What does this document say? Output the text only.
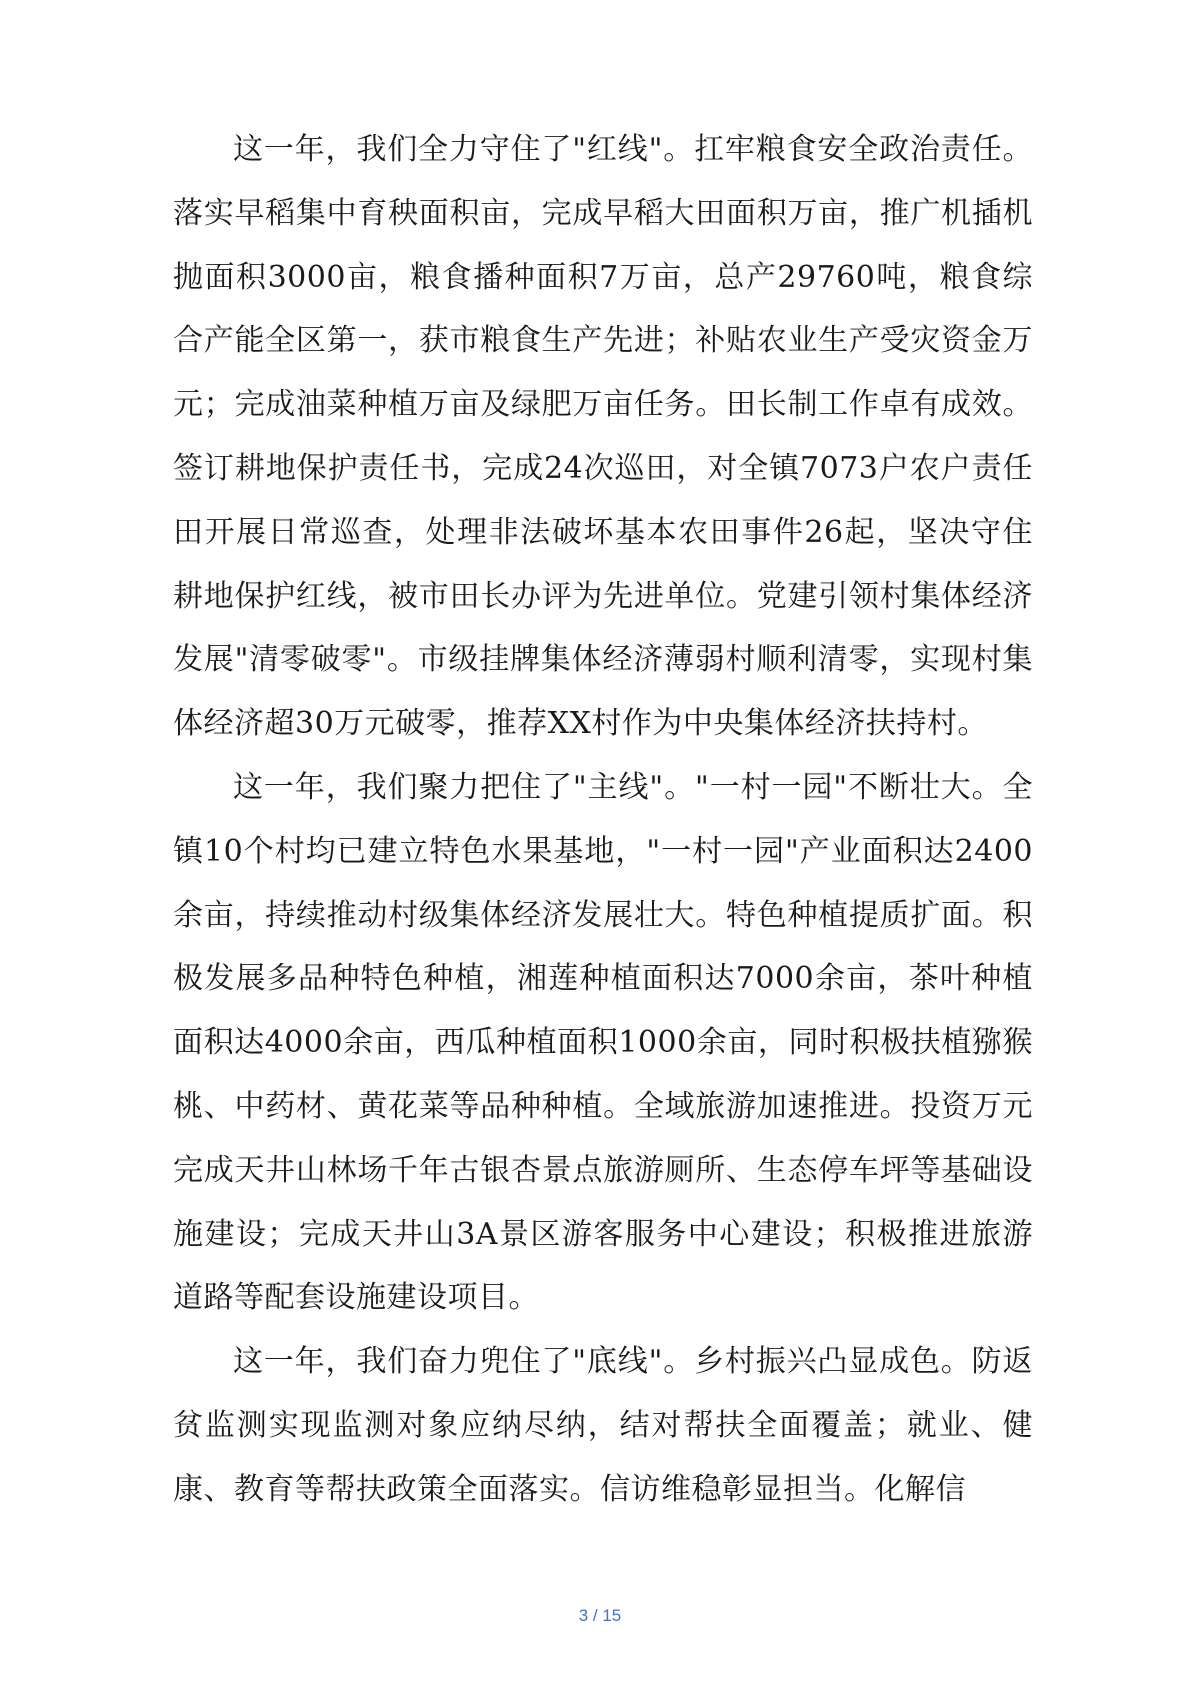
这一年，我们全力守住了"红线"。扛牢粮食安全政治责任。落实早稻集中育秧面积亩，完成早稻大田面积万亩，推广机插机抛面积3000亩，粮食播种面积7万亩，总产29760吨，粮食综合产能全区第一，获市粮食生产先进；补贴农业生产受灾资金万元；完成油菜种植万亩及绿肥万亩任务。田长制工作卓有成效。签订耕地保护责任书，完成24次巡田，对全镇7073户农户责任田开展日常巡查，处理非法破坏基本农田事件26起，坚决守住耕地保护红线，被市田长办评为先进单位。党建引领村集体经济发展"清零破零"。市级挂牌集体经济薄弱村顺利清零，实现村集体经济超30万元破零，推荐XX村作为中央集体经济扶持村。

这一年，我们聚力把住了"主线"。"一村一园"不断壮大。全镇10个村均已建立特色水果基地，"一村一园"产业面积达2400余亩，持续推动村级集体经济发展壮大。特色种植提质扩面。积极发展多品种特色种植，湘莲种植面积达7000余亩，茶叶种植面积达4000余亩，西瓜种植面积1000余亩，同时积极扶植猕猴桃、中药材、黄花菜等品种种植。全域旅游加速推进。投资万元完成天井山林场千年古银杏景点旅游厕所、生态停车坪等基础设施建设；完成天井山3A景区游客服务中心建设；积极推进旅游道路等配套设施建设项目。

这一年，我们奋力兜住了"底线"。乡村振兴凸显成色。防返贫监测实现监测对象应纳尽纳，结对帮扶全面覆盖；就业、健康、教育等帮扶政策全面落实。信访维稳彰显担当。化解信

3 / 15
